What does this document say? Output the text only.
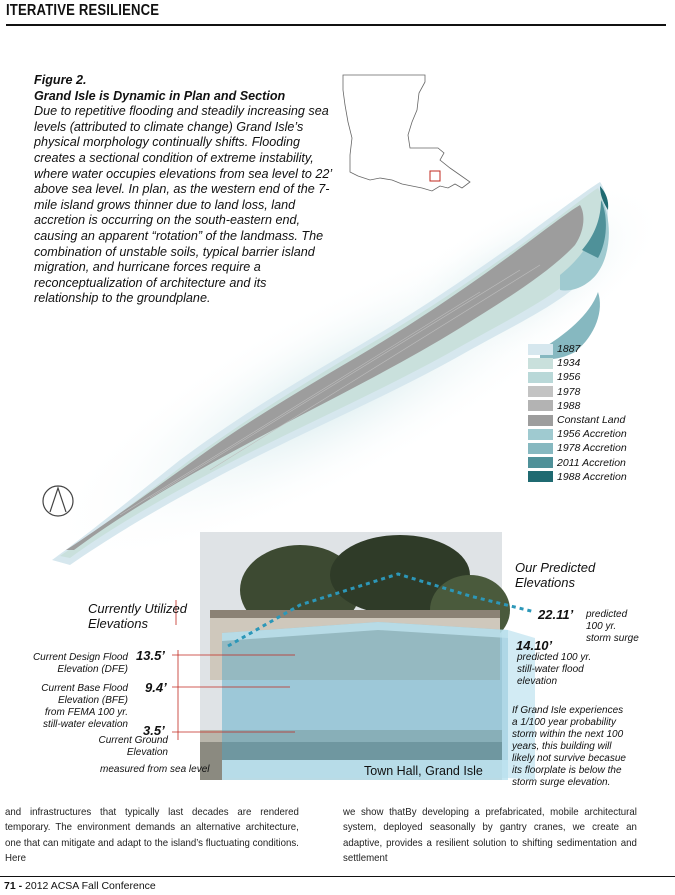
ITERATIVE RESILIENCE
Figure 2.
Grand Isle is Dynamic in Plan and Section
Due to repetitive flooding and steadily increasing sea levels (attributed to climate change) Grand Isle’s physical morphology continually shifts. Flooding creates a sectional condition of extreme instability, where water occupies elevations from sea level to 22’ above sea level. In plan, as the western end of the 7-mile island grows thinner due to land loss, land accretion is occurring on the south-eastern end, causing an apparent “rotation” of the landmass. The combination of unstable soils, typical barrier island migration, and hurricane forces require a reconceptualization of architecture and its relationship to the groundplane.
1887
1934
1956
1978
1988
Constant Land
1956 Accretion
1978 Accretion
2011 Accretion
1988 Accretion
Currently Utilized Elevations
Our Predicted Elevations
13.5’
Current Design Flood
Elevation (DFE)
9.4’
Current Base Flood
Elevation (BFE)
from FEMA 100 yr.
still-water elevation 3.5’
Current Ground
Elevation
measured from sea level
22.11’ predicted
100 yr.
storm surge
14.10’
predicted 100 yr.
still-water flood
elevation
If Grand Isle experiences
a 1/100 year probability
storm within the next 100
years, this building will
likely not survive becasue
its floorplate is below the
storm surge elevation.
Town Hall, Grand Isle
and infrastructures that typically last decades are rendered temporary. The environment demands an alternative architecture, one that can mitigate and adapt to the island’s fluctuating conditions. Here
we show thatBy developing a prefabricated, mobile architectural system, deployed seasonally by gantry cranes, we create an adaptive, provides a resilient solution to shifting sedimentation and settlement
71 - 2012 ACSA Fall Conference
